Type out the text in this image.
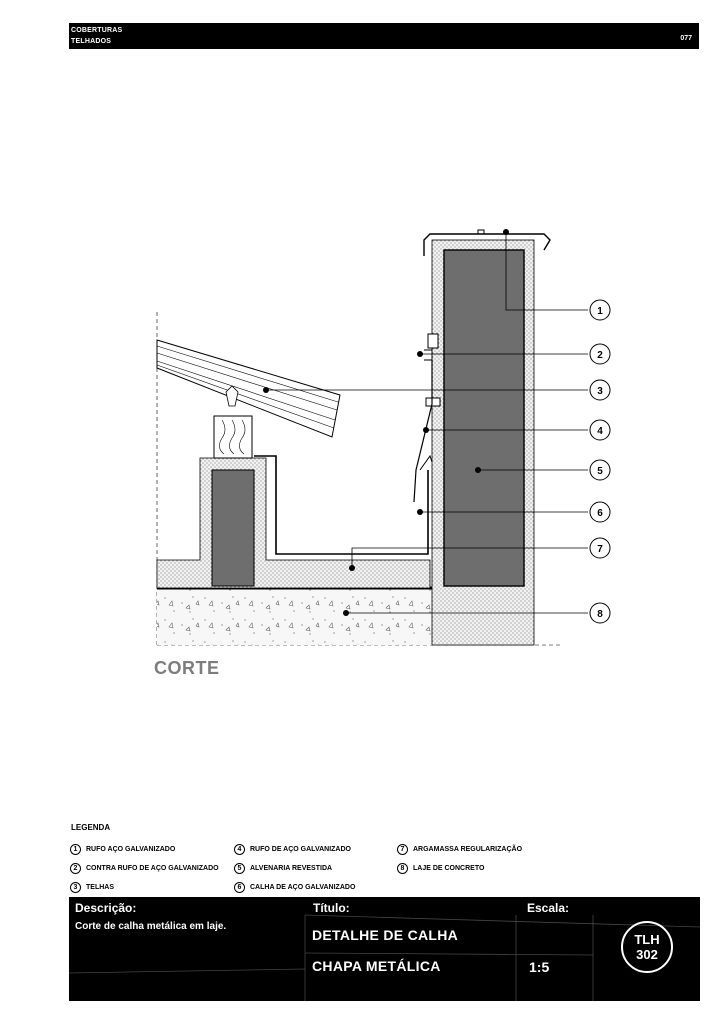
COBERTURAS
TELHADOS	077
1
2
3
4
5
6
7
8
CORTE
LEGENDA
1	RUFO AÇO GALVANIZADO
2	CONTRA RUFO DE AÇO GALVANIZADO
3	TELHAS
4	RUFO DE AÇO GALVANIZADO
5	ALVENARIA REVESTIDA
6	CALHA DE AÇO GALVANIZADO
7	ARGAMASSA REGULARIZAÇÃO
8	LAJE DE CONCRETO
Descrição:
Corte de calha metálica em laje.
Título:
DETALHE DE CALHA
CHAPA METÁLICA
Escala:
1:5
TLH
302
